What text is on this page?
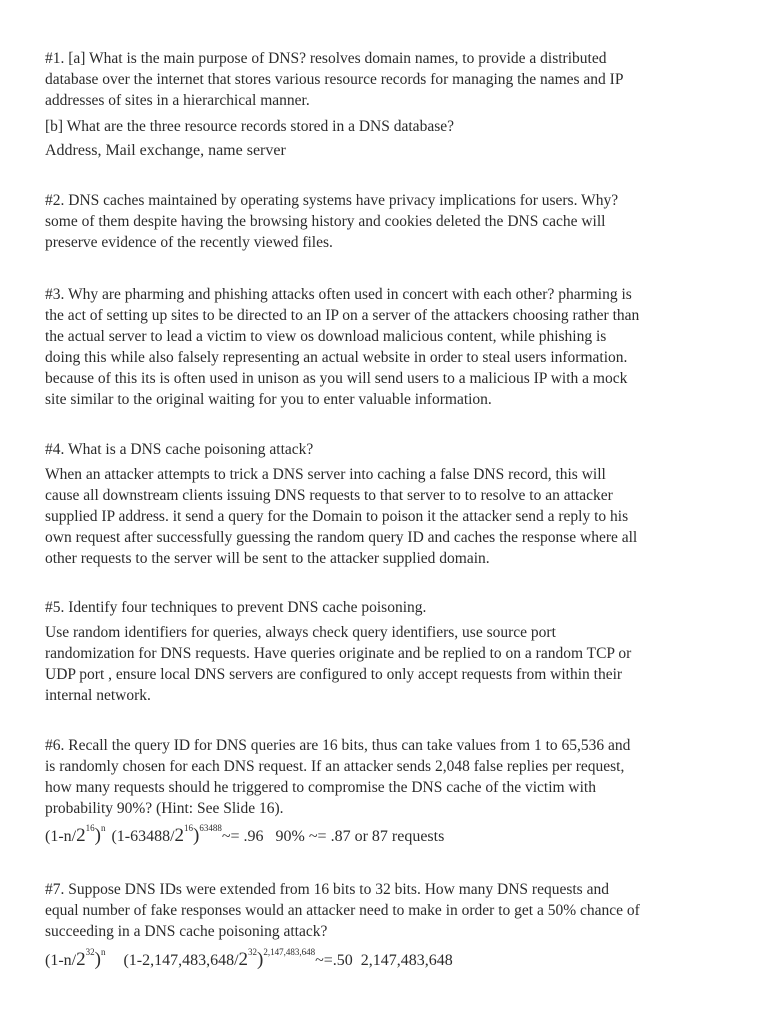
#1. [a] What is the main purpose of DNS? resolves domain names, to provide a distributed
database over the internet that stores various resource records for managing the names and IP
addresses of sites in a hierarchical manner.
[b] What are the three resource records stored in a DNS database?
Address, Mail exchange, name server
#2. DNS caches maintained by operating systems have privacy implications for users. Why?
some of them despite having the browsing history and cookies deleted the DNS cache will
preserve evidence of the recently viewed files.
#3. Why are pharming and phishing attacks often used in concert with each other? pharming is
the act of setting up sites to be directed to an IP on a server of the attackers choosing rather than
the actual server to lead a victim to view os download malicious content, while phishing is
doing this while also falsely representing an actual website in order to steal users information.
because of this its is often used in unison as you will send users to a malicious IP with a mock
site similar to the original waiting for you to enter valuable information.
#4. What is a DNS cache poisoning attack?
When an attacker attempts to trick a DNS server into caching a false DNS record, this will
cause all downstream clients issuing DNS requests to that server to to resolve to an attacker
supplied IP address. it send a query for the Domain to poison it the attacker send a reply to his
own request after successfully guessing the random query ID and caches the response where all
other requests to the server will be sent to the attacker supplied domain.
#5. Identify four techniques to prevent DNS cache poisoning.
Use random identifiers for queries, always check query identifiers, use source port
randomization for DNS requests. Have queries originate and be replied to on a random TCP or
UDP port , ensure local DNS servers are configured to only accept requests from within their
internal network.
#6. Recall the query ID for DNS queries are 16 bits, thus can take values from 1 to 65,536 and
is randomly chosen for each DNS request. If an attacker sends 2,048 false replies per request,
how many requests should he triggered to compromise the DNS cache of the victim with
probability 90%? (Hint: See Slide 16).
$(1-n/2^{16})^n$ $(1-63488/2^{16})^{63488}\sim= .96$   90% ~= .87 or 87 requests
#7. Suppose DNS IDs were extended from 16 bits to 32 bits. How many DNS requests and
equal number of fake responses would an attacker need to make in order to get a 50% chance of
succeeding in a DNS cache poisoning attack?
$(1-n/2^{32})^n$ $(1-2,147,483,648/2^{32})^{2,147,483,648}\sim=.50$  2,147,483,648
